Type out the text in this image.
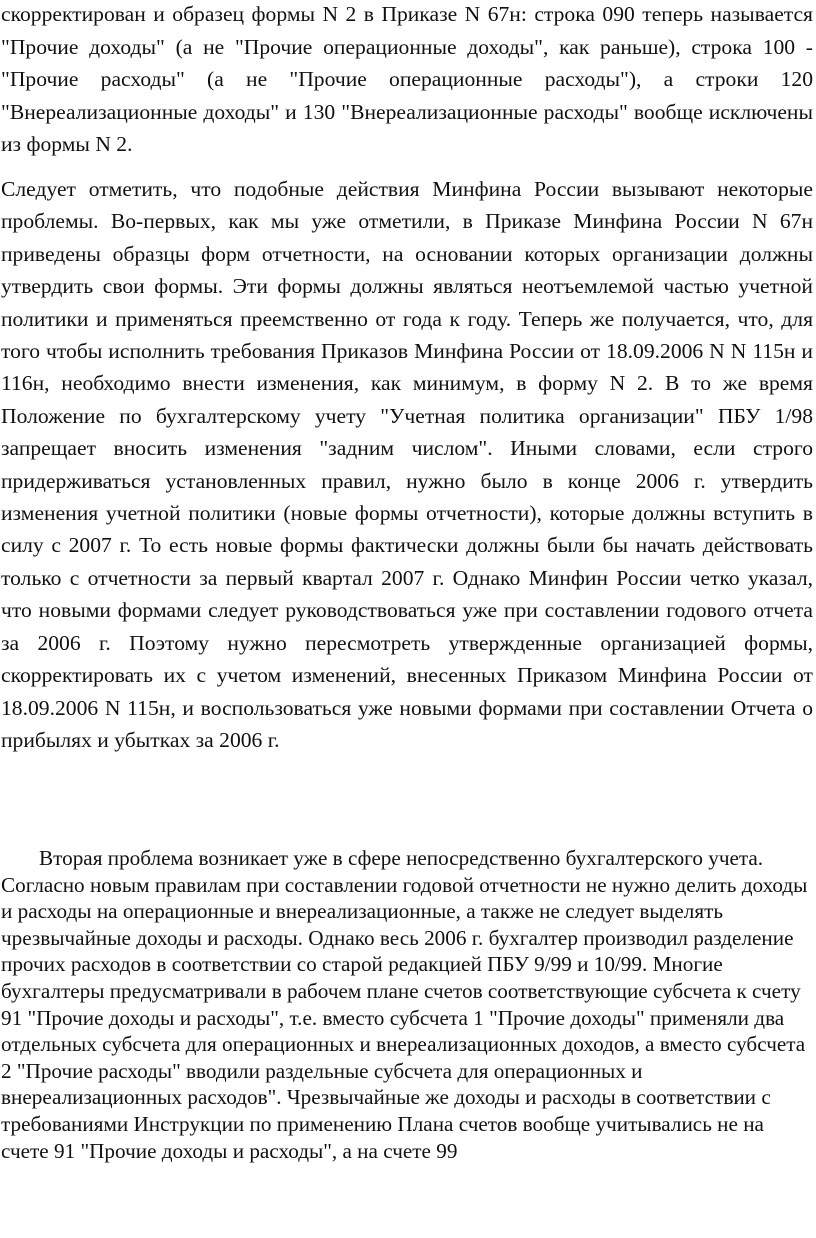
скорректирован и образец формы N 2 в Приказе N 67н: строка 090 теперь называется "Прочие доходы" (а не "Прочие операционные доходы", как раньше), строка 100 - "Прочие расходы" (а не "Прочие операционные расходы"), а строки 120 "Внереализационные доходы" и 130 "Внереализационные расходы" вообще исключены из формы N 2.

Следует отметить, что подобные действия Минфина России вызывают некоторые проблемы. Во-первых, как мы уже отметили, в Приказе Минфина России N 67н приведены образцы форм отчетности, на основании которых организации должны утвердить свои формы. Эти формы должны являться неотъемлемой частью учетной политики и применяться преемственно от года к году. Теперь же получается, что, для того чтобы исполнить требования Приказов Минфина России от 18.09.2006 N N 115н и 116н, необходимо внести изменения, как минимум, в форму N 2. В то же время Положение по бухгалтерскому учету "Учетная политика организации" ПБУ 1/98 запрещает вносить изменения "задним числом". Иными словами, если строго придерживаться установленных правил, нужно было в конце 2006 г. утвердить изменения учетной политики (новые формы отчетности), которые должны вступить в силу с 2007 г. То есть новые формы фактически должны были бы начать действовать только с отчетности за первый квартал 2007 г. Однако Минфин России четко указал, что новыми формами следует руководствоваться уже при составлении годового отчета за 2006 г. Поэтому нужно пересмотреть утвержденные организацией формы, скорректировать их с учетом изменений, внесенных Приказом Минфина России от 18.09.2006 N 115н, и воспользоваться уже новыми формами при составлении Отчета о прибылях и убытках за 2006 г.

Вторая проблема возникает уже в сфере непосредственно бухгалтерского учета. Согласно новым правилам при составлении годовой отчетности не нужно делить доходы и расходы на операционные и внереализационные, а также не следует выделять чрезвычайные доходы и расходы. Однако весь 2006 г. бухгалтер производил разделение прочих расходов в соответствии со старой редакцией ПБУ 9/99 и 10/99. Многие бухгалтеры предусматривали в рабочем плане счетов соответствующие субсчета к счету 91 "Прочие доходы и расходы", т.е. вместо субсчета 1 "Прочие доходы" применяли два отдельных субсчета для операционных и внереализационных доходов, а вместо субсчета 2 "Прочие расходы" вводили раздельные субсчета для операционных и внереализационных расходов". Чрезвычайные же доходы и расходы в соответствии с требованиями Инструкции по применению Плана счетов вообще учитывались не на счете 91 "Прочие доходы и расходы", а на счете 99
